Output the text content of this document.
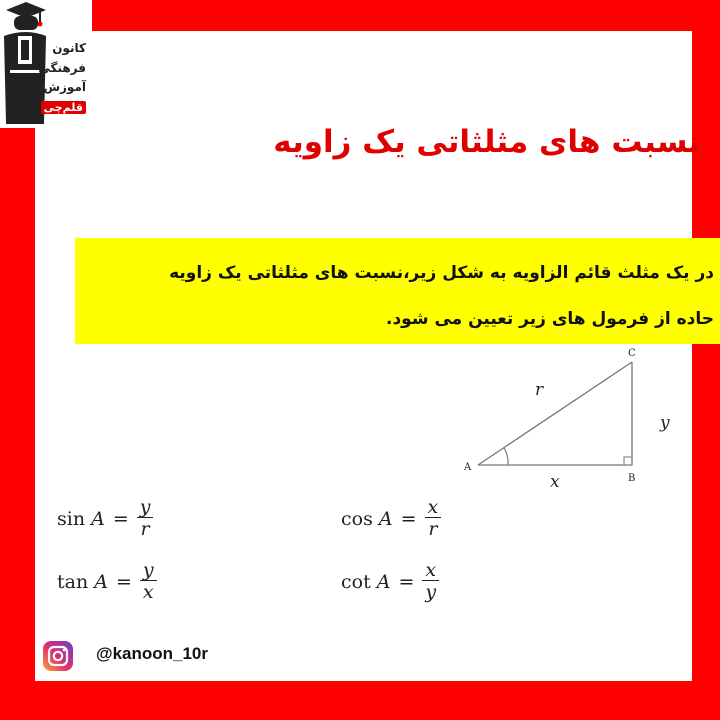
نسبت های مثلثاتی یک زاویه

در یک مثلث قائم الزاویه به شکل زیر،نسبت های مثلثاتی یک زاویه

حاده از فرمول های زیر تعیین می شود.

کانون
فرهنگی
آموزش
قلم‌چی
A
B
C
r
y
x
$\sin A = \frac{y}{r}$	$\cos A = \frac{x}{r}$
$\tan A = \frac{y}{x}$	$\cot A = \frac{x}{y}$
@kanoon_10r
